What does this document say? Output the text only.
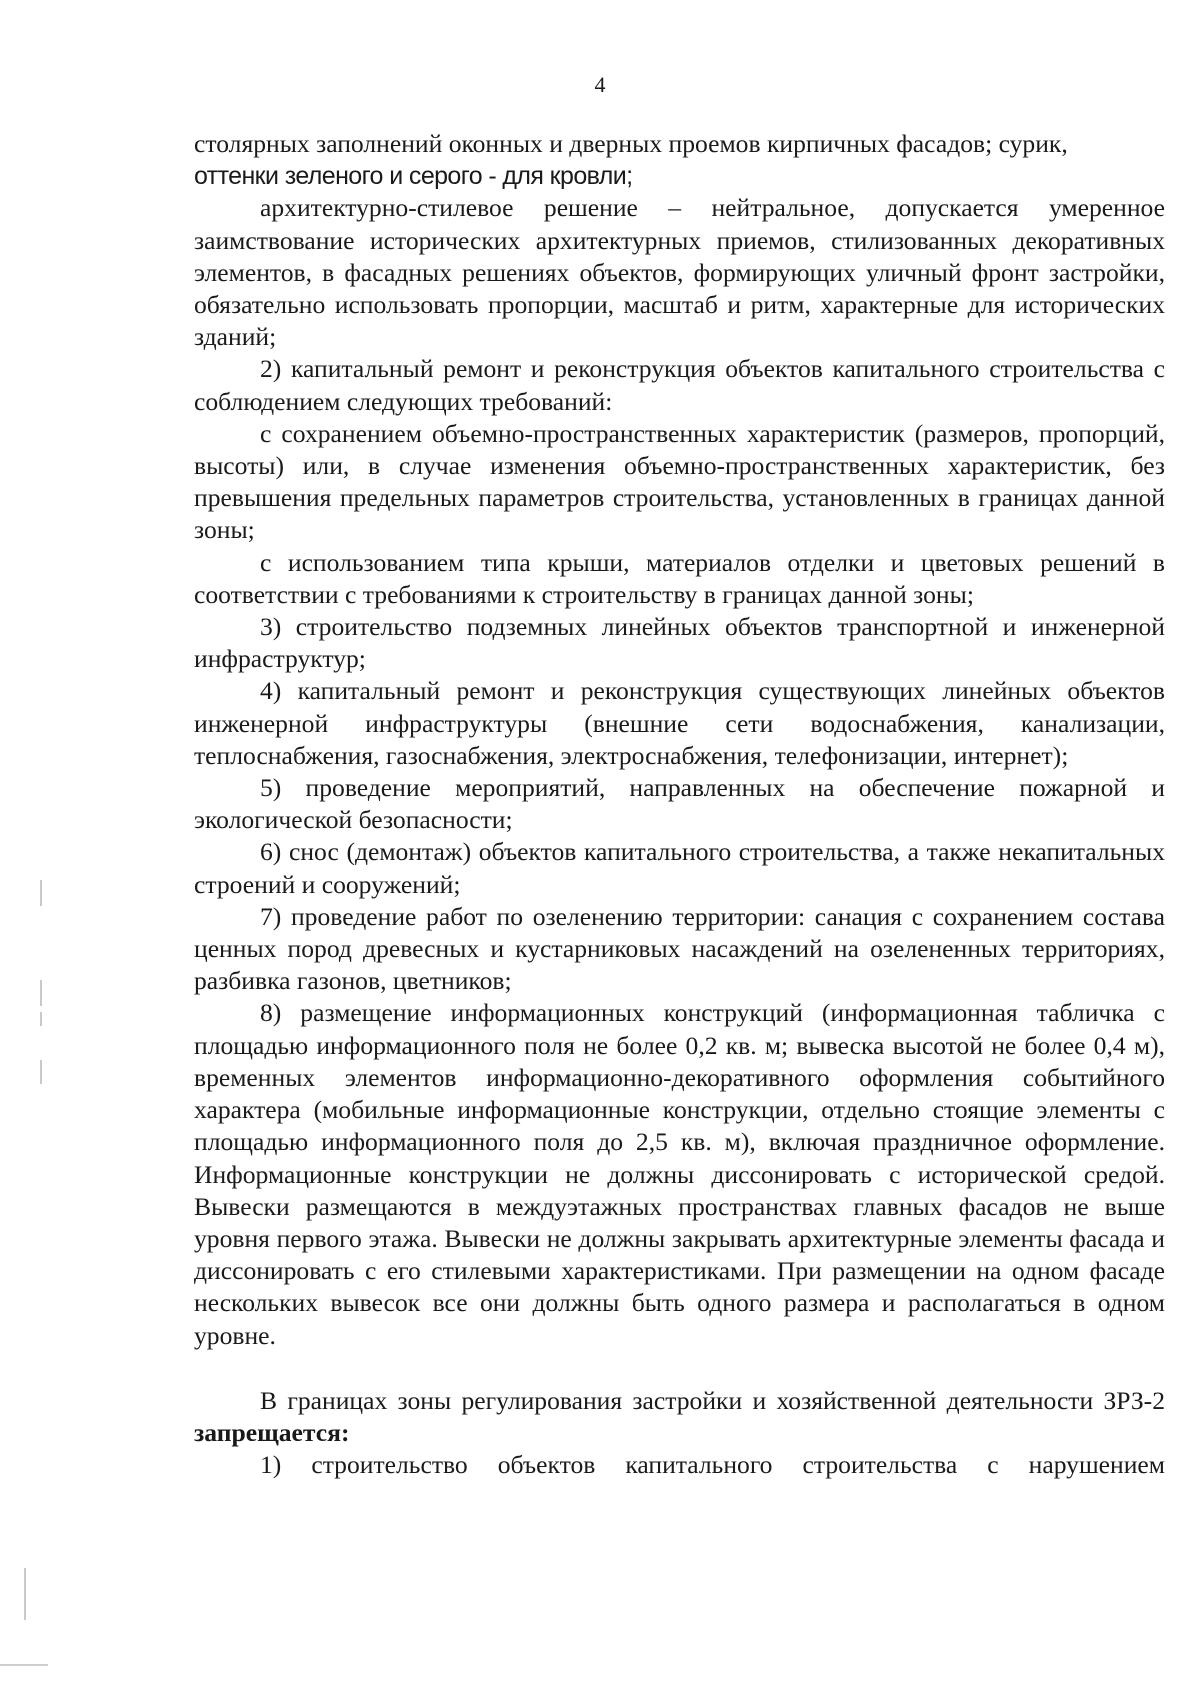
4

столярных заполнений оконных и дверных проемов кирпичных фасадов; сурик,
оттенки зеленого и серого - для кровли;

архитектурно-стилевое решение – нейтральное, допускается умеренное заимствование исторических архитектурных приемов, стилизованных декоративных элементов, в фасадных решениях объектов, формирующих уличный фронт застройки, обязательно использовать пропорции, масштаб и ритм, характерные для исторических зданий;

2) капитальный ремонт и реконструкция объектов капитального строительства с соблюдением следующих требований:

с сохранением объемно-пространственных характеристик (размеров, пропорций, высоты) или, в случае изменения объемно-пространственных характеристик, без превышения предельных параметров строительства, установленных в границах данной зоны;

с использованием типа крыши, материалов отделки и цветовых решений в соответствии с требованиями к строительству в границах данной зоны;

3) строительство подземных линейных объектов транспортной и инженерной инфраструктур;

4) капитальный ремонт и реконструкция существующих линейных объектов инженерной инфраструктуры (внешние сети водоснабжения, канализации, теплоснабжения, газоснабжения, электроснабжения, телефонизации, интернет);

5) проведение мероприятий, направленных на обеспечение пожарной и экологической безопасности;

6) снос (демонтаж) объектов капитального строительства, а также некапитальных строений и сооружений;

7) проведение работ по озеленению территории: санация с сохранением состава ценных пород древесных и кустарниковых насаждений на озелененных территориях, разбивка газонов, цветников;

8) размещение информационных конструкций (информационная табличка с площадью информационного поля не более 0,2 кв. м; вывеска высотой не более 0,4 м), временных элементов информационно-декоративного оформления событийного характера (мобильные информационные конструкции, отдельно стоящие элементы с площадью информационного поля до 2,5 кв. м), включая праздничное оформление. Информационные конструкции не должны диссонировать с исторической средой. Вывески размещаются в междуэтажных пространствах главных фасадов не выше уровня первого этажа. Вывески не должны закрывать архитектурные элементы фасада и диссонировать с его стилевыми характеристиками. При размещении на одном фасаде нескольких вывесок все они должны быть одного размера и располагаться в одном уровне.

В границах зоны регулирования застройки и хозяйственной деятельности ЗРЗ-2 запрещается:

1) строительство объектов капитального строительства с нарушением
